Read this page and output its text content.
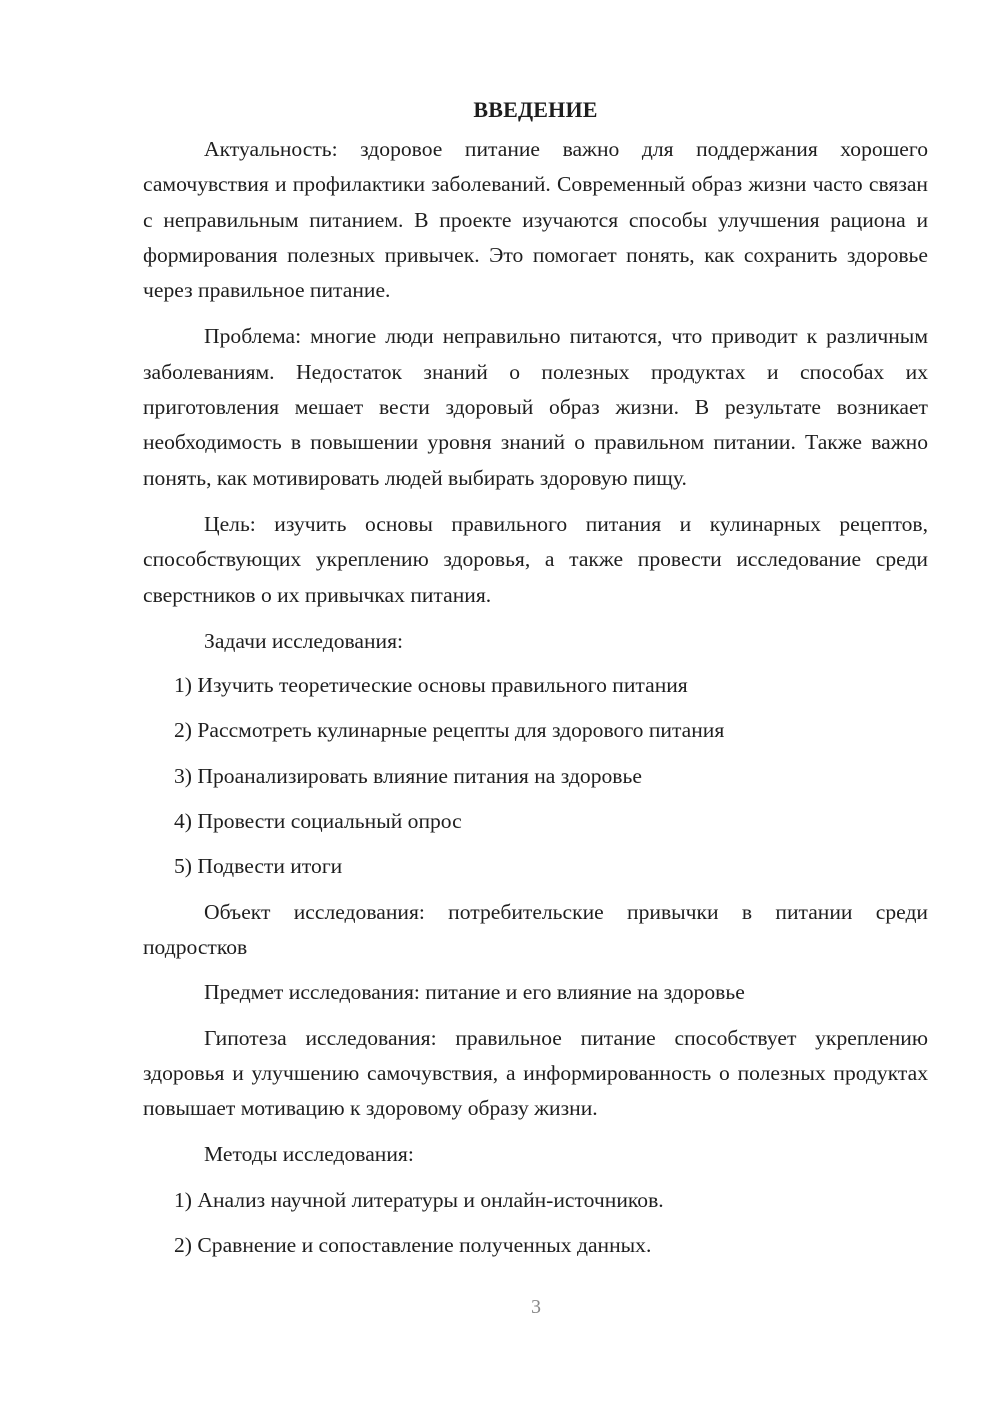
ВВЕДЕНИЕ

Актуальность: здоровое питание важно для поддержания хорошего самочувствия и профилактики заболеваний. Современный образ жизни часто связан с неправильным питанием. В проекте изучаются способы улучшения рациона и формирования полезных привычек. Это помогает понять, как сохранить здоровье через правильное питание.

Проблема: многие люди неправильно питаются, что приводит к различным заболеваниям. Недостаток знаний о полезных продуктах и способах их приготовления мешает вести здоровый образ жизни. В результате возникает необходимость в повышении уровня знаний о правильном питании. Также важно понять, как мотивировать людей выбирать здоровую пищу.

Цель: изучить основы правильного питания и кулинарных рецептов, способствующих укреплению здоровья, а также провести исследование среди сверстников о их привычках питания.

Задачи исследования:

1) Изучить теоретические основы правильного питания

2) Рассмотреть кулинарные рецепты для здорового питания

3) Проанализировать влияние питания на здоровье

4) Провести социальный опрос

5) Подвести итоги

Объект исследования: потребительские привычки в питании среди подростков

Предмет исследования: питание и его влияние на здоровье

Гипотеза исследования: правильное питание способствует укреплению здоровья и улучшению самочувствия, а информированность о полезных продуктах повышает мотивацию к здоровому образу жизни.

Методы исследования:

1) Анализ научной литературы и онлайн-источников.

2) Сравнение и сопоставление полученных данных.

3
